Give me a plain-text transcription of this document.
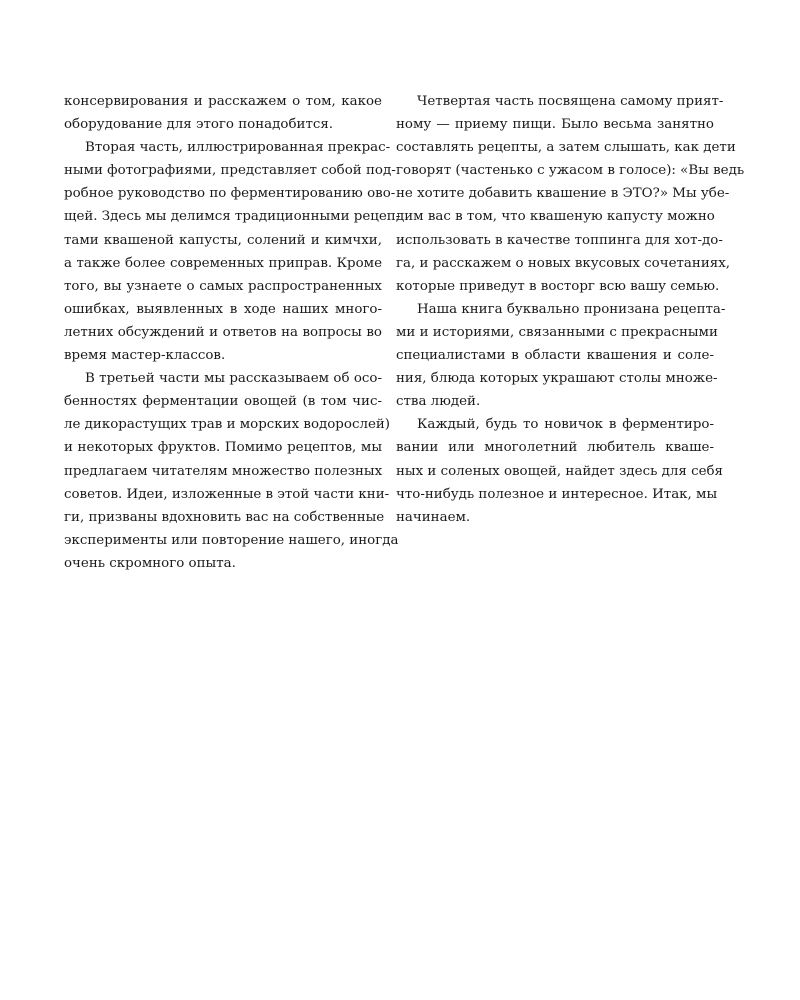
консервирования и расскажем о том, какое
оборудование для этого понадобится.
Вторая часть, иллюстрированная прекрас-
ными фотографиями, представляет собой под-
робное руководство по ферментированию ово-
щей. Здесь мы делимся традиционными рецеп-
тами квашеной капусты, солений и кимчхи,
а также более современных приправ. Кроме
того, вы узнаете о самых распространенных
ошибках, выявленных в ходе наших много-
летних обсуждений и ответов на вопросы во
время мастер-классов.
В третьей части мы рассказываем об осо-
бенностях ферментации овощей (в том чис-
ле дикорастущих трав и морских водорослей)
и некоторых фруктов. Помимо рецептов, мы
предлагаем читателям множество полезных
советов. Идеи, изложенные в этой части кни-
ги, призваны вдохновить вас на собственные
эксперименты или повторение нашего, иногда
очень скромного опыта.
Четвертая часть посвящена самому прият-
ному — приему пищи. Было весьма занятно
составлять рецепты, а затем слышать, как дети
говорят (частенько с ужасом в голосе): «Вы ведь
не хотите добавить квашение в ЭТО?» Мы убе-
дим вас в том, что квашеную капусту можно
использовать в качестве топпинга для хот-до-
га, и расскажем о новых вкусовых сочетаниях,
которые приведут в восторг всю вашу семью.
Наша книга буквально пронизана рецепта-
ми и историями, связанными с прекрасными
специалистами в области квашения и соле-
ния, блюда которых украшают столы множе-
ства людей.
Каждый, будь то новичок в ферментиро-
вании или многолетний любитель кваше-
ных и соленых овощей, найдет здесь для себя
что-нибудь полезное и интересное. Итак, мы
начинаем.
